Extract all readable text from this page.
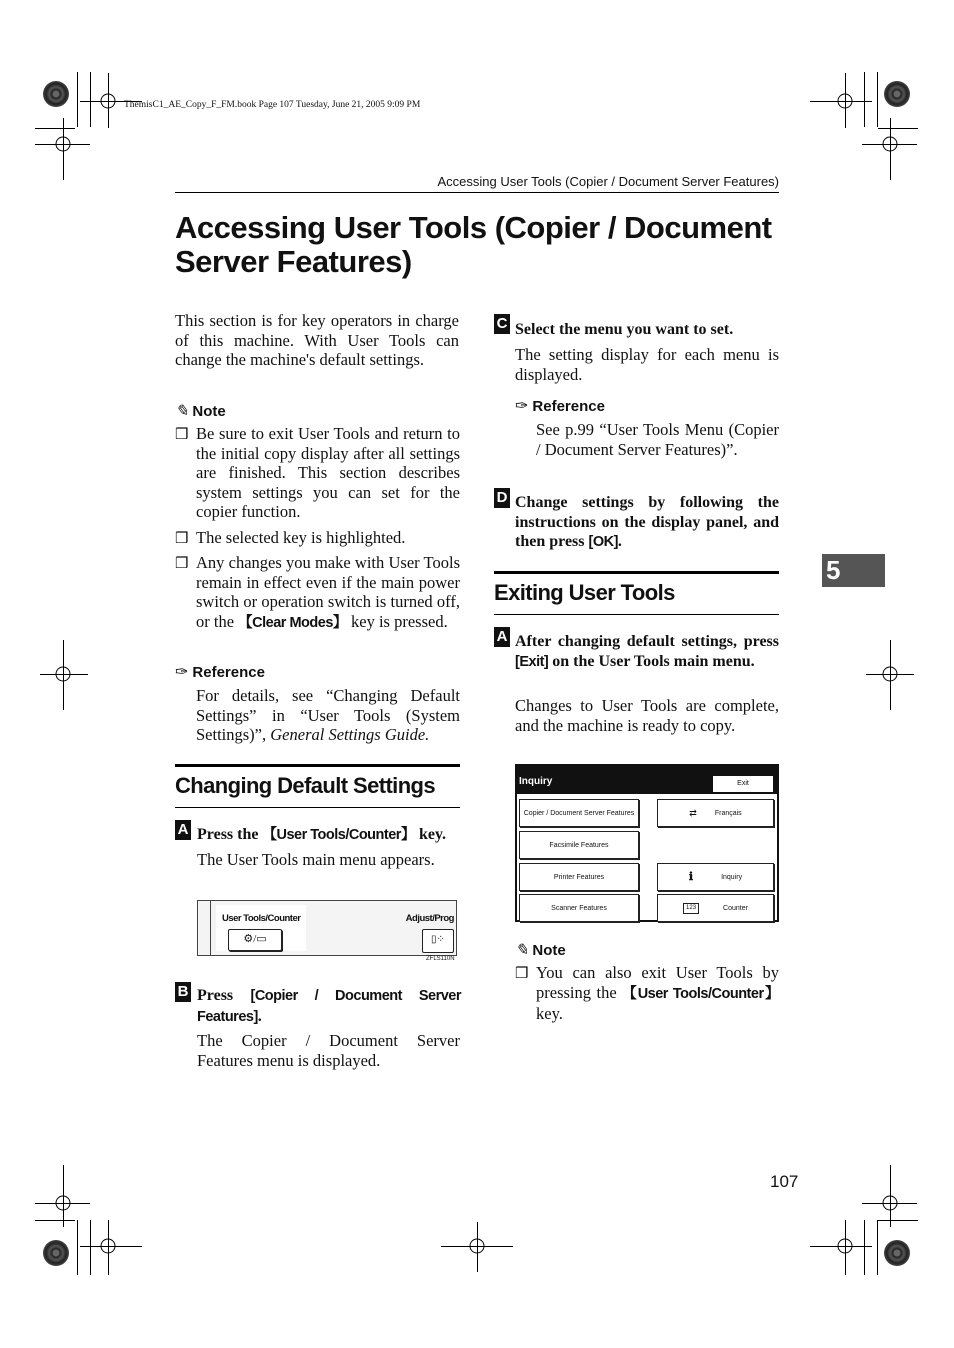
ThemisC1_AE_Copy_F_FM.book Page 107 Tuesday, June 21, 2005 9:09 PM
Accessing User Tools (Copier / Document Server Features)
Accessing User Tools (Copier / Document Server Features)
This section is for key operators in charge of this machine. With User Tools can change the machine's default settings.
✎ Note
❒ Be sure to exit User Tools and return to the initial copy display after all settings are finished. This section describes system settings you can set for the copier function.
❒ The selected key is highlighted.
❒ Any changes you make with User Tools remain in effect even if the main power switch or operation switch is turned off, or the 【Clear Modes】 key is pressed.
✑ Reference
For details, see “Changing Default Settings” in “User Tools (System Settings)”, General Settings Guide.
Changing Default Settings
A Press the 【User Tools/Counter】 key.
The User Tools main menu appears.
User Tools/Counter
⚙/▭
Adjust/Prog
▯⁘
ZFLS110N
B Press [Copier / Document Server Features].
The Copier / Document Server Features menu is displayed.
C Select the menu you want to set.
The setting display for each menu is displayed.
✑ Reference
See p.99 “User Tools Menu (Copier / Document Server Features)”.
D Change settings by following the instructions on the display panel, and then press [OK].
Exiting User Tools
A After changing default settings, press [Exit] on the User Tools main menu.
Changes to User Tools are complete, and the machine is ready to copy.
Inquiry	Exit
Copier / Document Server Features
Facsimile Features
Printer Features
Scanner Features
⇄	Français
ℹ	Inquiry
123	Counter
✎ Note
❒ You can also exit User Tools by pressing the 【User Tools/Counter】 key.
5
107
